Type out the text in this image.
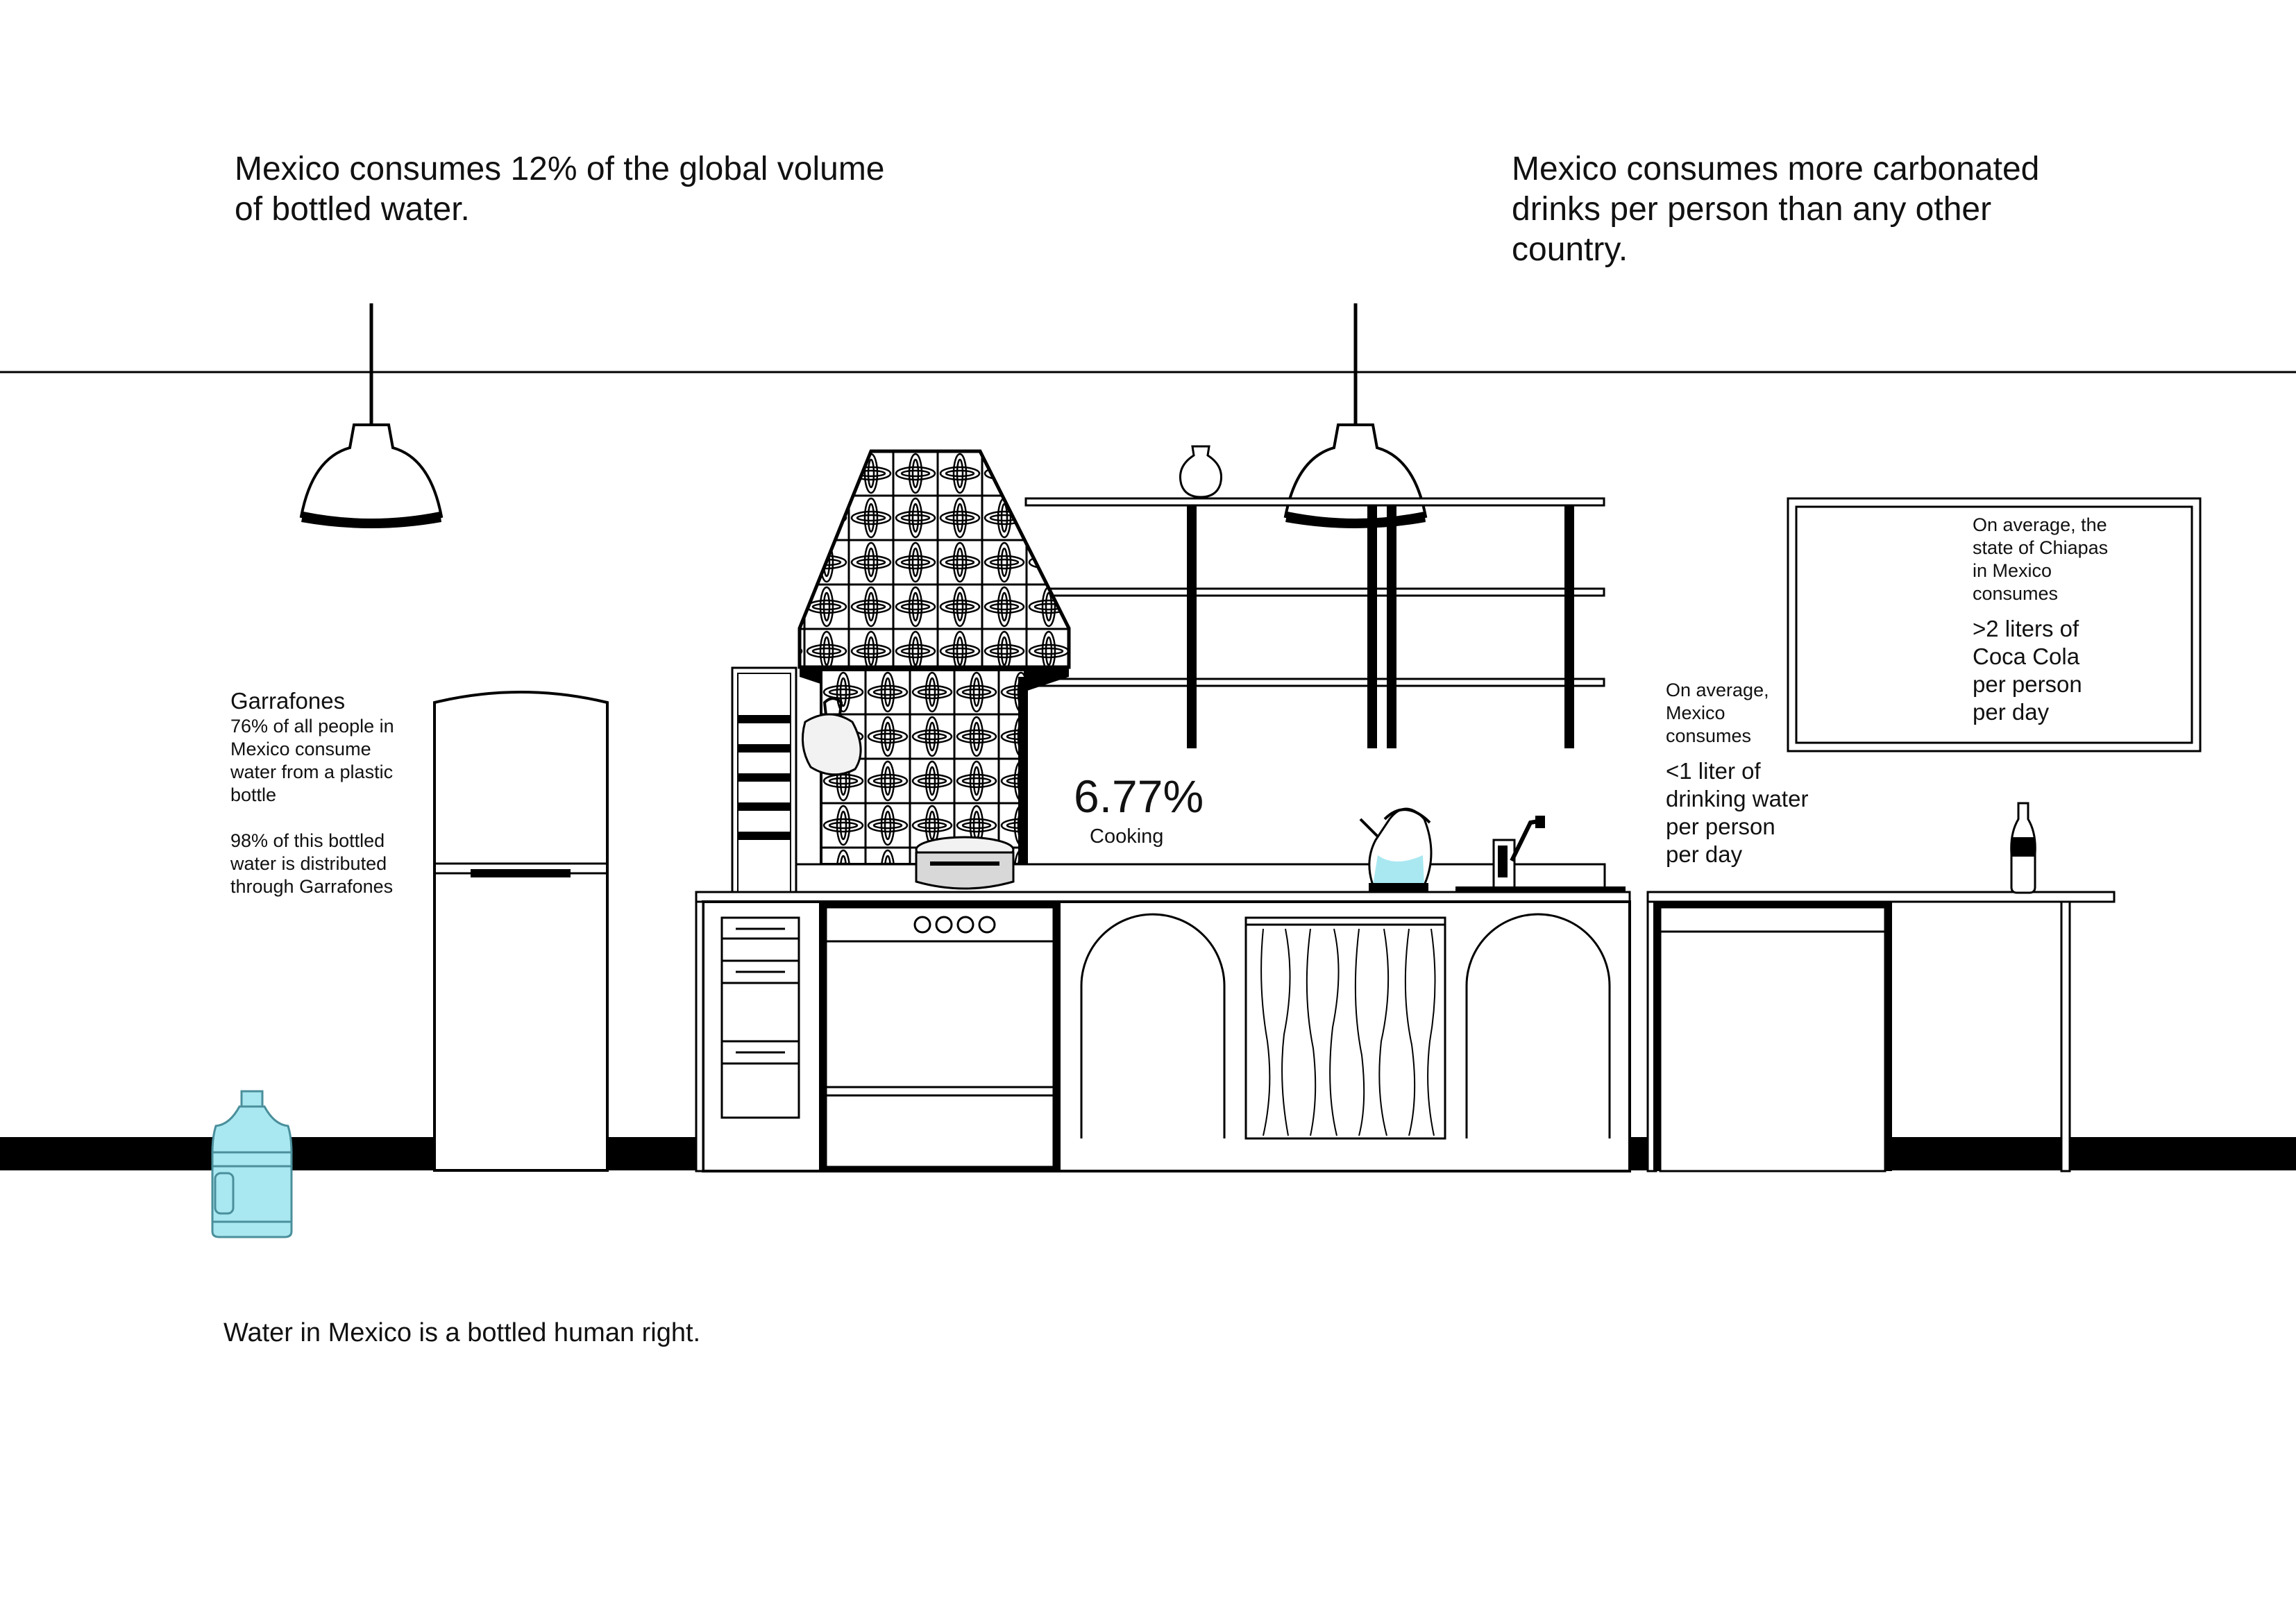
Mexico consumes 12% of the global volume
of bottled water.
Mexico consumes more carbonated
drinks per person than any other
country.
Garrafones
76% of all people in
Mexico consume
water from a plastic
bottle
98% of this bottled
water is distributed
through Garrafones
6.77%
Cooking
On average,
Mexico
consumes
<1 liter of
drinking water
per person
per day
On average, the
state of Chiapas
in Mexico
consumes
>2 liters of
Coca Cola
per person
per day
Water in Mexico is a bottled human right.
